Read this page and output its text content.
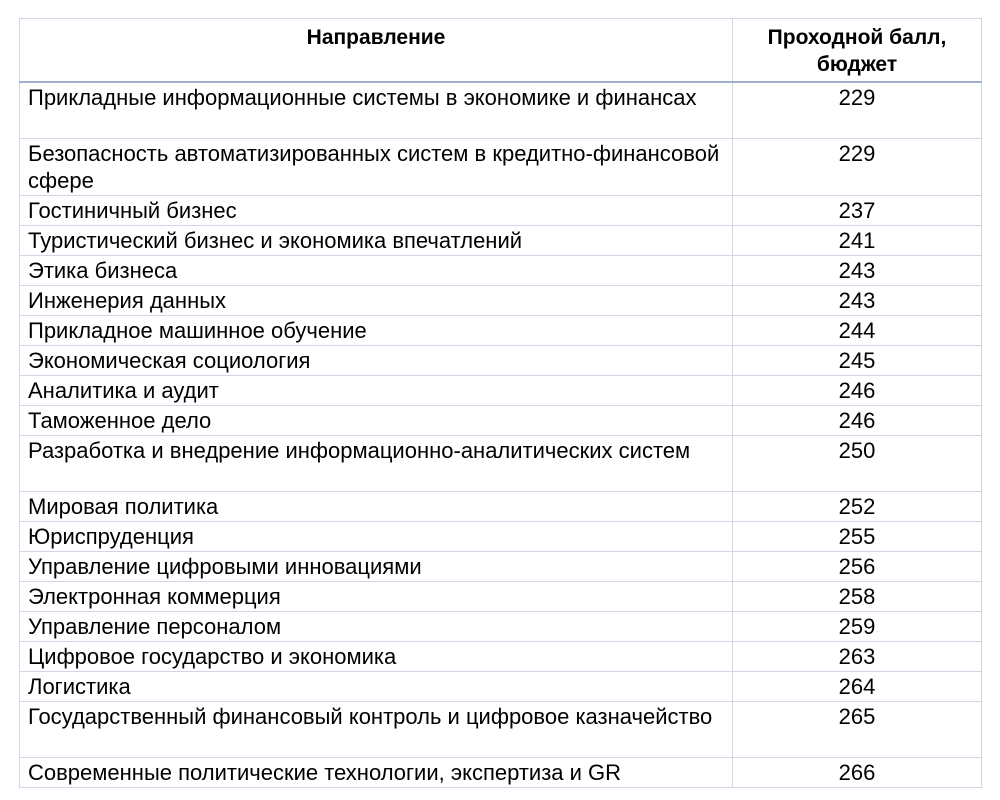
Направление	Проходной балл,
бюджет
Прикладные информационные системы в экономике и финансах	229
Безопасность автоматизированных систем в кредитно-финансовой сфере	229
Гостиничный бизнес	237
Туристический бизнес и экономика впечатлений	241
Этика бизнеса	243
Инженерия данных	243
Прикладное машинное обучение	244
Экономическая социология	245
Аналитика и аудит	246
Таможенное дело	246
Разработка и внедрение информационно-аналитических систем	250
Мировая политика	252
Юриспруденция	255
Управление цифровыми инновациями	256
Электронная коммерция	258
Управление персоналом	259
Цифровое государство и экономика	263
Логистика	264
Государственный финансовый контроль и цифровое казначейство	265
Современные политические технологии, экспертиза и GR	266
